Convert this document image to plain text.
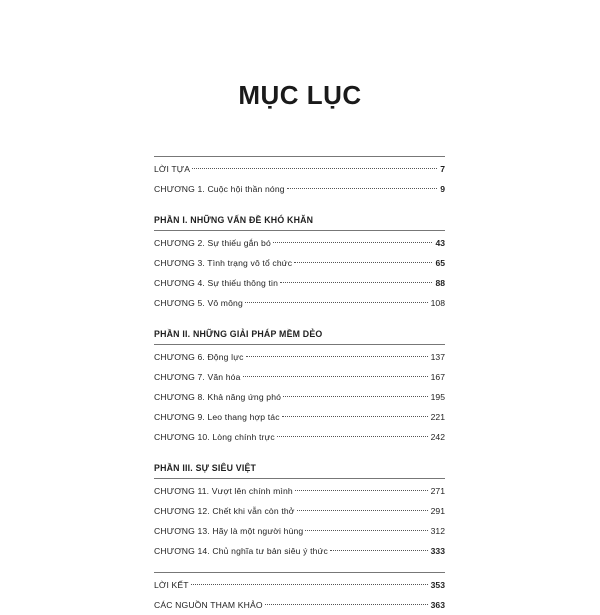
MỤC LỤC
LỜI TỰA	7
CHƯƠNG 1. Cuộc hội thần nóng	9
PHẦN I. NHỮNG VẤN ĐỀ KHÓ KHĂN
CHƯƠNG 2. Sự thiếu gắn bó	43
CHƯƠNG 3. Tình trạng vô tổ chức	65
CHƯƠNG 4. Sự thiếu thông tin	88
CHƯƠNG 5. Vô mông	108
PHẦN II. NHỮNG GIẢI PHÁP MỀM DẺO
CHƯƠNG 6. Động lực	137
CHƯƠNG 7. Văn hóa	167
CHƯƠNG 8. Khả năng ứng phó	195
CHƯƠNG 9. Leo thang hợp tác	221
CHƯƠNG 10. Lòng chính trực	242
PHẦN III. SỰ SIÊU VIỆT
CHƯƠNG 11. Vượt lên chính mình	271
CHƯƠNG 12. Chết khi vẫn còn thở	291
CHƯƠNG 13. Hãy là một người hùng	312
CHƯƠNG 14. Chủ nghĩa tư bản siêu ý thức	333
LỜI KẾT	353
CÁC NGUỒN THAM KHẢO	363
